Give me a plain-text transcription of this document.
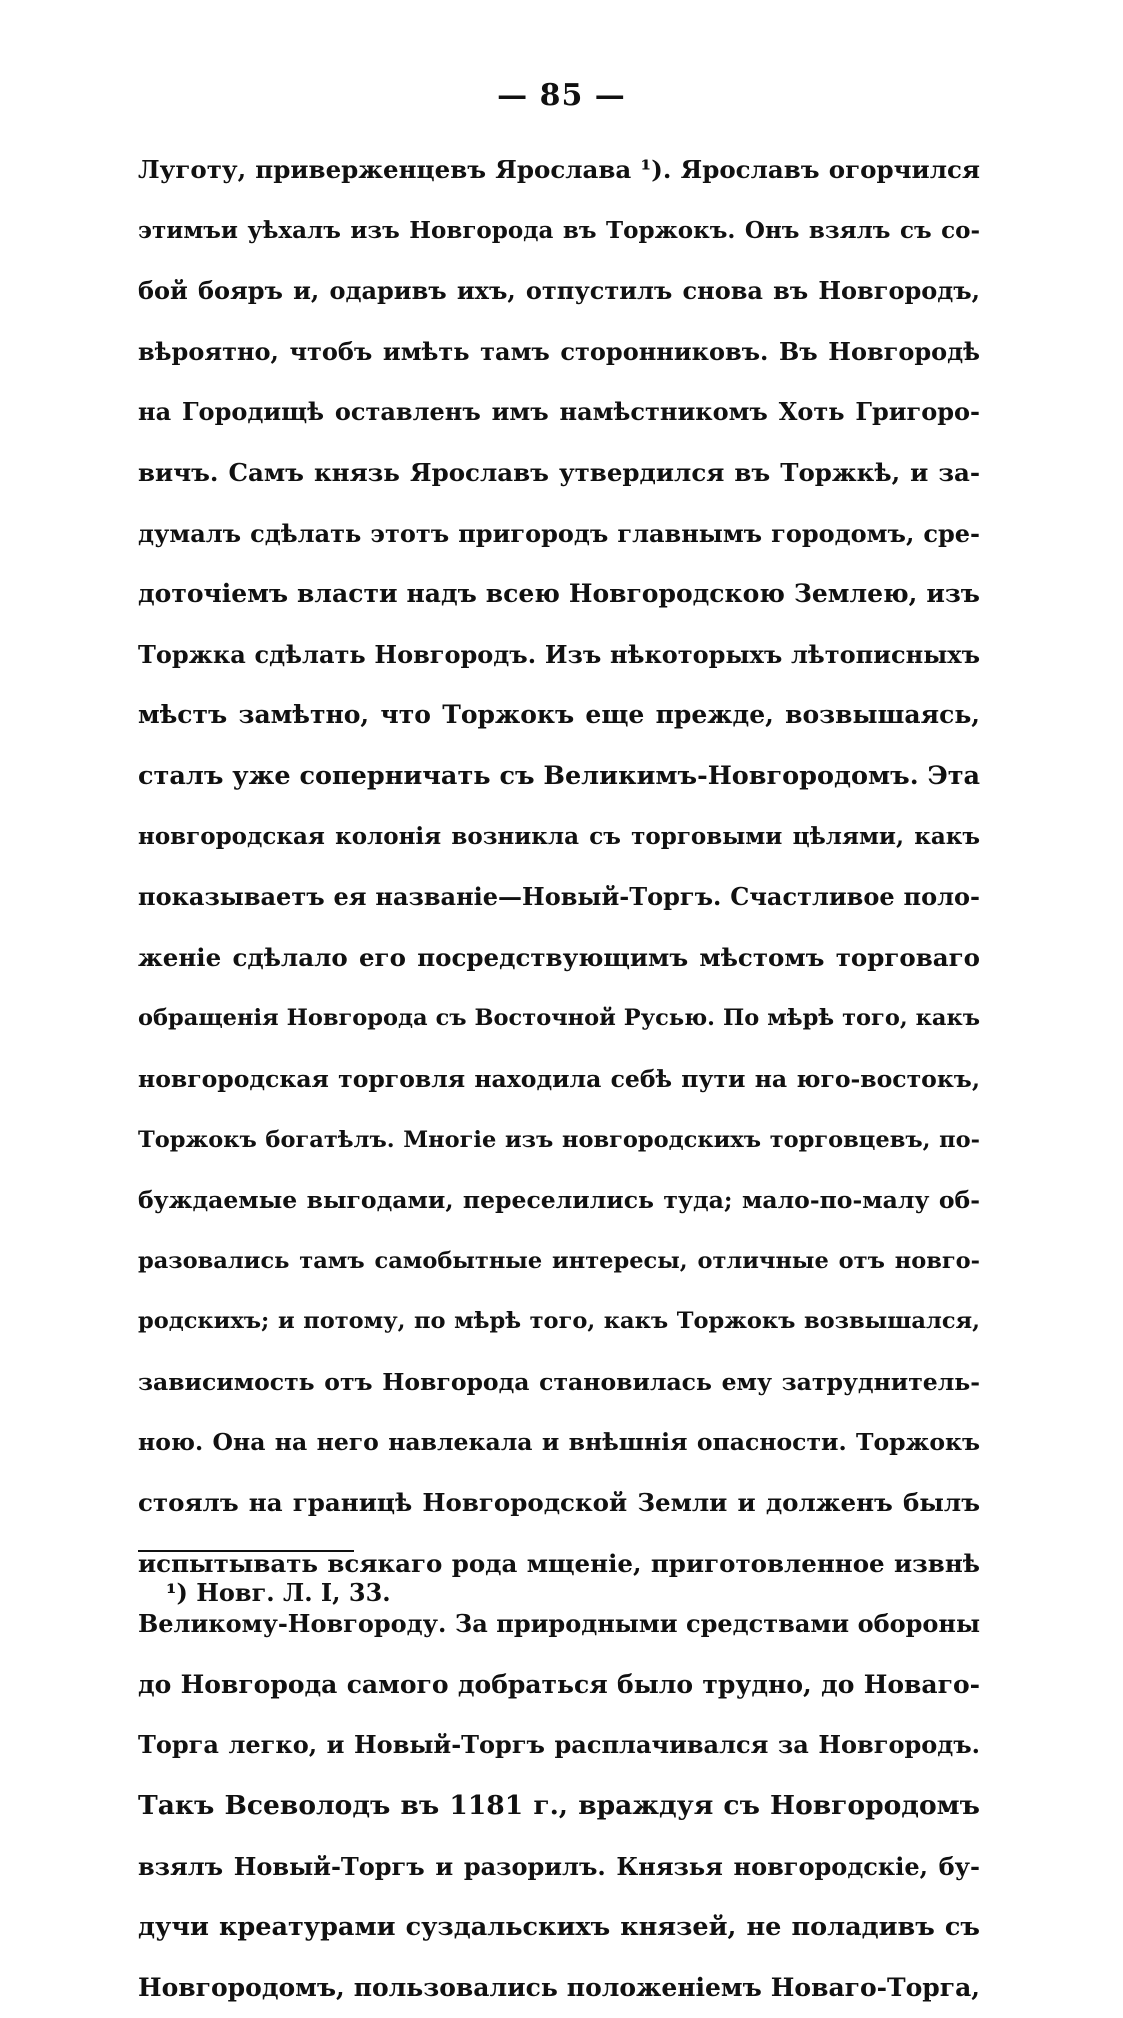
— 85 —
Луготу, приверженцевъ Ярослава ¹). Ярославъ огорчился
этимъи уѣхалъ изъ Новгорода въ Торжокъ. Онъ взялъ съ со-
бой бояръ и, одаривъ ихъ, отпустилъ снова въ Новгородъ,
вѣроятно, чтобъ имѣть тамъ сторонниковъ. Въ Новгородѣ
на Городищѣ оставленъ имъ намѣстникомъ Хоть Григоро-
вичъ. Самъ князь Ярославъ утвердился въ Торжкѣ, и за-
думалъ сдѣлать этотъ пригородъ главнымъ городомъ, сре-
доточіемъ власти надъ всею Новгородскою Землею, изъ
Торжка сдѣлать Новгородъ. Изъ нѣкоторыхъ лѣтописныхъ
мѣстъ замѣтно, что Торжокъ еще прежде, возвышаясь,
сталъ уже соперничать съ Великимъ-Новгородомъ. Эта
новгородская колонія возникла съ торговыми цѣлями, какъ
показываетъ ея названіе—Новый-Торгъ. Счастливое поло-
женіе сдѣлало его посредствующимъ мѣстомъ торговаго
обращенія Новгорода съ Восточной Русью. По мѣрѣ того, какъ
новгородская торговля находила себѣ пути на юго-востокъ,
Торжокъ богатѣлъ. Многіе изъ новгородскихъ торговцевъ, по-
буждаемые выгодами, переселились туда; мало-по-малу об-
разовались тамъ самобытные интересы, отличные отъ новго-
родскихъ; и потому, по мѣрѣ того, какъ Торжокъ возвышался,
зависимость отъ Новгорода становилась ему затруднитель-
ною. Она на него навлекала и внѣшнія опасности. Торжокъ
стоялъ на границѣ Новгородской Земли и долженъ былъ
испытывать всякаго рода мщеніе, приготовленное извнѣ
Великому-Новгороду. За природными средствами обороны
до Новгорода самого добраться было трудно, до Новаго-
Торга легко, и Новый-Торгъ расплачивался за Новгородъ.
Такъ Всеволодъ въ 1181 г., враждуя съ Новгородомъ
взялъ Новый-Торгъ и разорилъ. Князья новгородскіе, бу-
дучи креатурами суздальскихъ князей, не поладивъ съ
Новгородомъ, пользовались положеніемъ Новаго-Торга,
¹) Новг. Л. I, 33.
